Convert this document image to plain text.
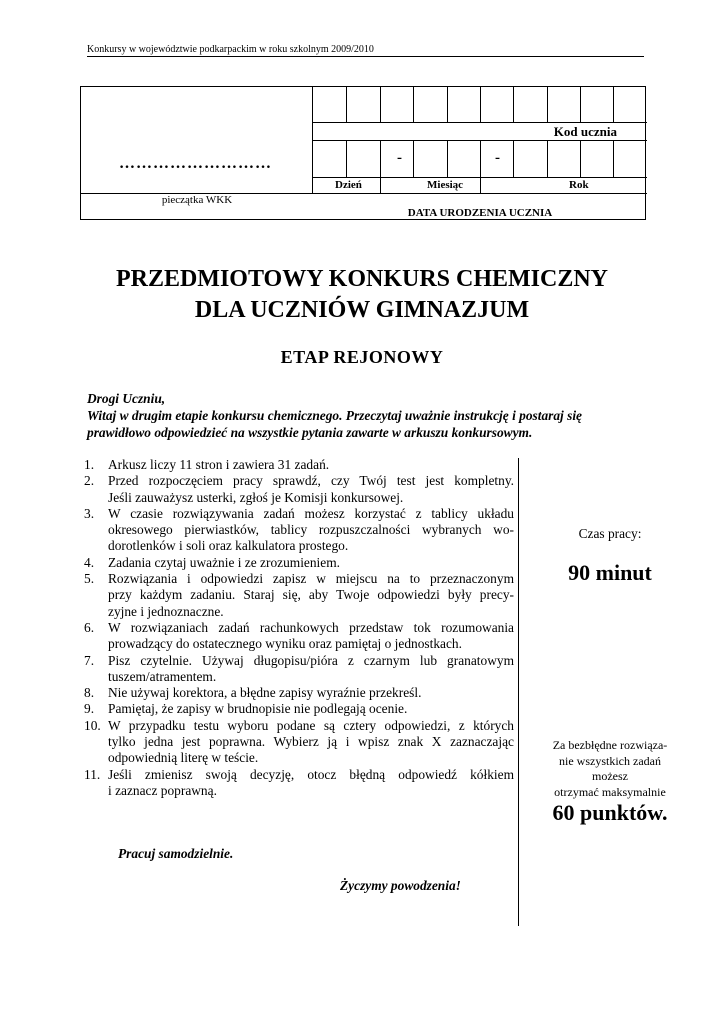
Konkursy w województwie podkarpackim w roku szkolnym 2009/2010
………………………
pieczątka WKK
Kod ucznia
-	-
Dzień	Miesiąc	Rok
DATA URODZENIA UCZNIA
PRZEDMIOTOWY KONKURS CHEMICZNY
DLA UCZNIÓW GIMNAZJUM
ETAP REJONOWY
Drogi Uczniu,
Witaj w drugim etapie konkursu chemicznego. Przeczytaj uważnie instrukcję i postaraj się
prawidłowo odpowiedzieć na wszystkie pytania zawarte w arkuszu konkursowym.
1. Arkusz liczy 11 stron i zawiera 31 zadań.
2. Przed rozpoczęciem pracy sprawdź, czy Twój test jest kompletny.
Jeśli zauważysz usterki, zgłoś je Komisji konkursowej.
3. W czasie rozwiązywania zadań możesz korzystać z tablicy układu
okresowego pierwiastków, tablicy rozpuszczalności wybranych wo-
dorotlenków i soli oraz kalkulatora prostego.
4. Zadania czytaj uważnie i ze zrozumieniem.
5. Rozwiązania i odpowiedzi zapisz w miejscu na to przeznaczonym
przy każdym zadaniu. Staraj się, aby Twoje odpowiedzi były precy-
zyjne i jednoznaczne.
6. W rozwiązaniach zadań rachunkowych przedstaw tok rozumowania
prowadzący do ostatecznego wyniku oraz pamiętaj o jednostkach.
7. Pisz czytelnie. Używaj długopisu/pióra z czarnym lub granatowym
tuszem/atramentem.
8. Nie używaj korektora, a błędne zapisy wyraźnie przekreśl.
9. Pamiętaj, że zapisy w brudnopisie nie podlegają ocenie.
10. W przypadku testu wyboru podane są cztery odpowiedzi, z których
tylko jedna jest poprawna. Wybierz ją i wpisz znak X zaznaczając
odpowiednią literę w teście.
11. Jeśli zmienisz swoją decyzję, otocz błędną odpowiedź kółkiem
i zaznacz poprawną.
Czas pracy:
90 minut
Za bezbłędne rozwiąza-
nie wszystkich zadań
możesz
otrzymać maksymalnie
60 punktów.
Pracuj samodzielnie.
Życzymy powodzenia!
